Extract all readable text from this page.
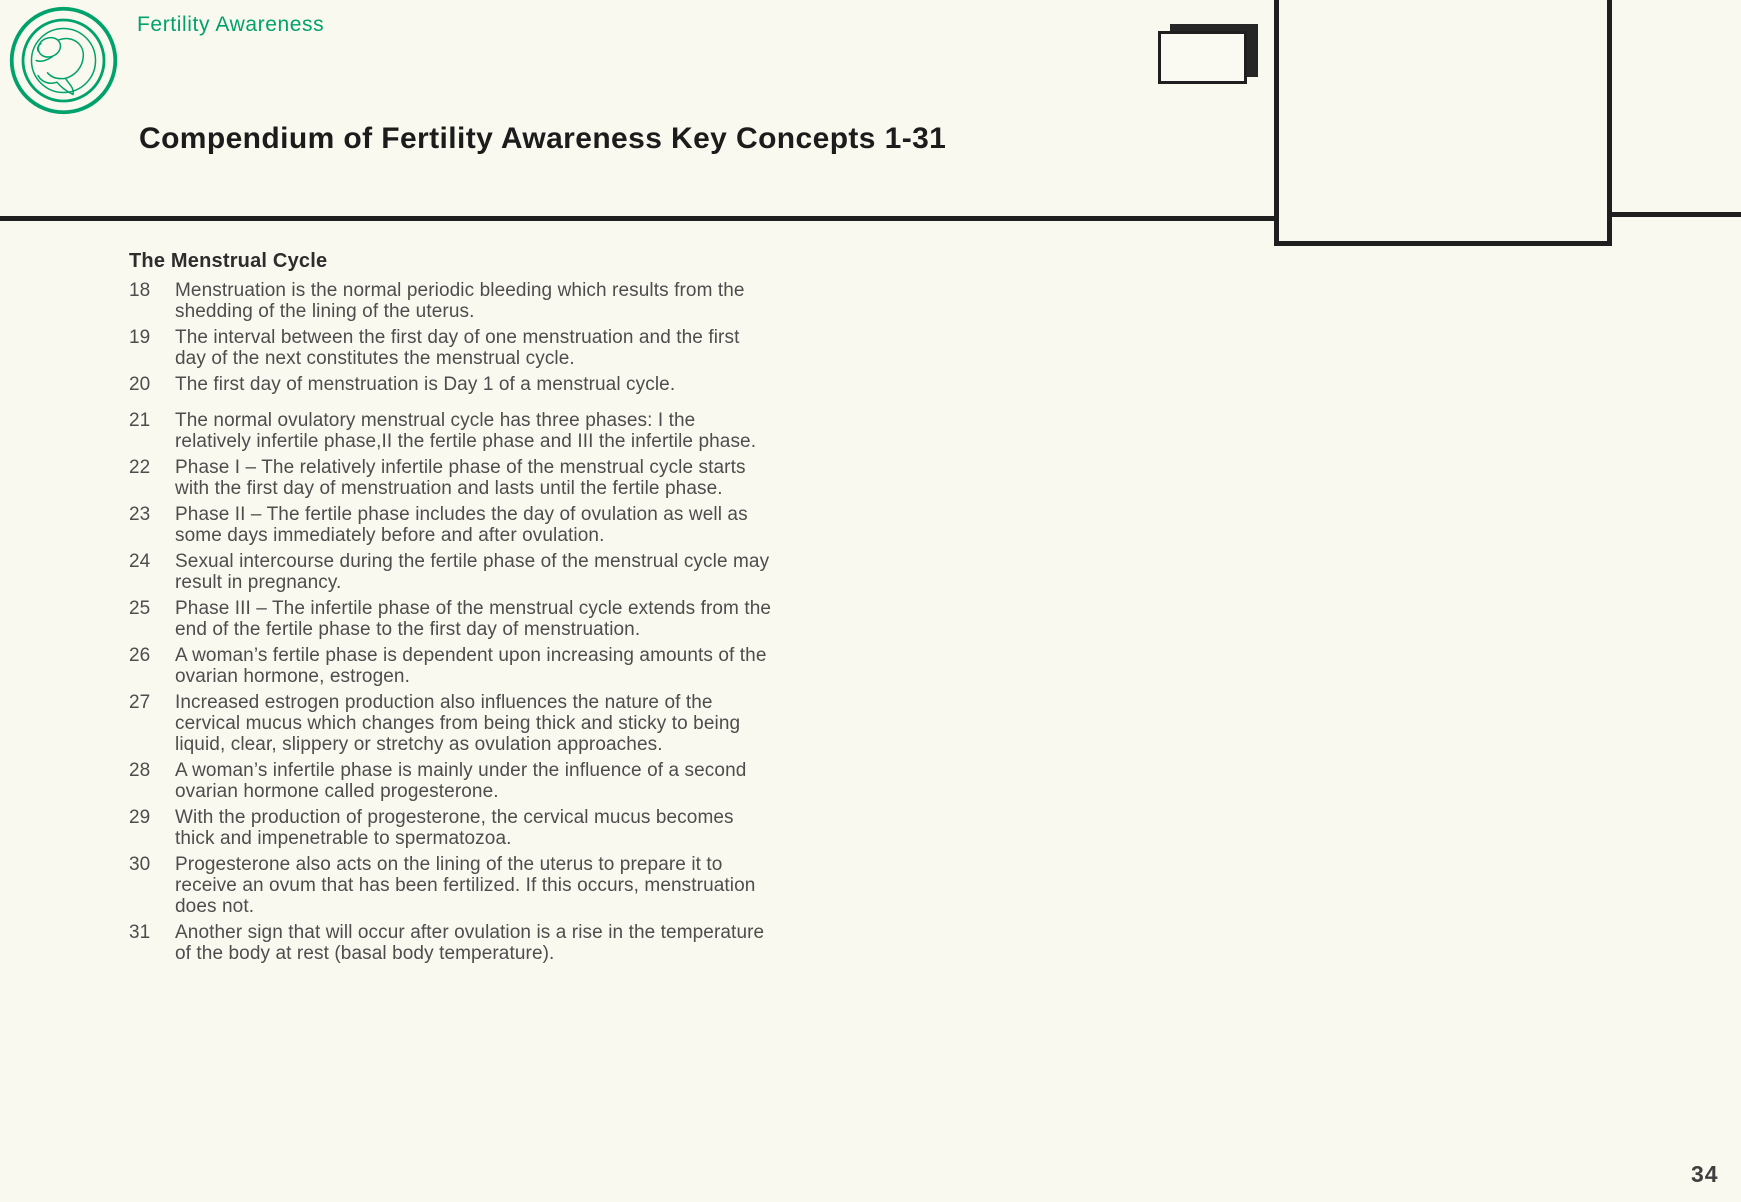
Fertility Awareness
Compendium of Fertility Awareness Key Concepts 1-31
The Menstrual Cycle
18	Menstruation is the normal periodic bleeding which results from the shedding of the lining of the uterus.
19	The interval between the first day of one menstruation and the first day of the next constitutes the menstrual cycle.
20	The first day of menstruation is Day 1 of a menstrual cycle.
21	The normal ovulatory menstrual cycle has three phases: I the relatively infertile phase,II the fertile phase and III the infertile phase.
22	Phase I – The relatively infertile phase of the menstrual cycle starts with the first day of menstruation and lasts until the fertile phase.
23	Phase II – The fertile phase includes the day of ovulation as well as some days immediately before and after ovulation.
24	Sexual intercourse during the fertile phase of the menstrual cycle may result in pregnancy.
25	Phase III – The infertile phase of the menstrual cycle extends from the end of the fertile phase to the first day of menstruation.
26	A woman’s fertile phase is dependent upon increasing amounts of the ovarian hormone, estrogen.
27	Increased estrogen production also influences the nature of the cervical mucus which changes from being thick and sticky to being liquid, clear, slippery or stretchy as ovulation approaches.
28	A woman’s infertile phase is mainly under the influence of a second ovarian hormone called progesterone.
29	With the production of progesterone, the cervical mucus becomes thick and impenetrable to spermatozoa.
30	Progesterone also acts on the lining of the uterus to prepare it to receive an ovum that has been fertilized. If this occurs, menstruation does not.
31	Another sign that will occur after ovulation is a rise in the temperature of the body at rest (basal body temperature).
34
